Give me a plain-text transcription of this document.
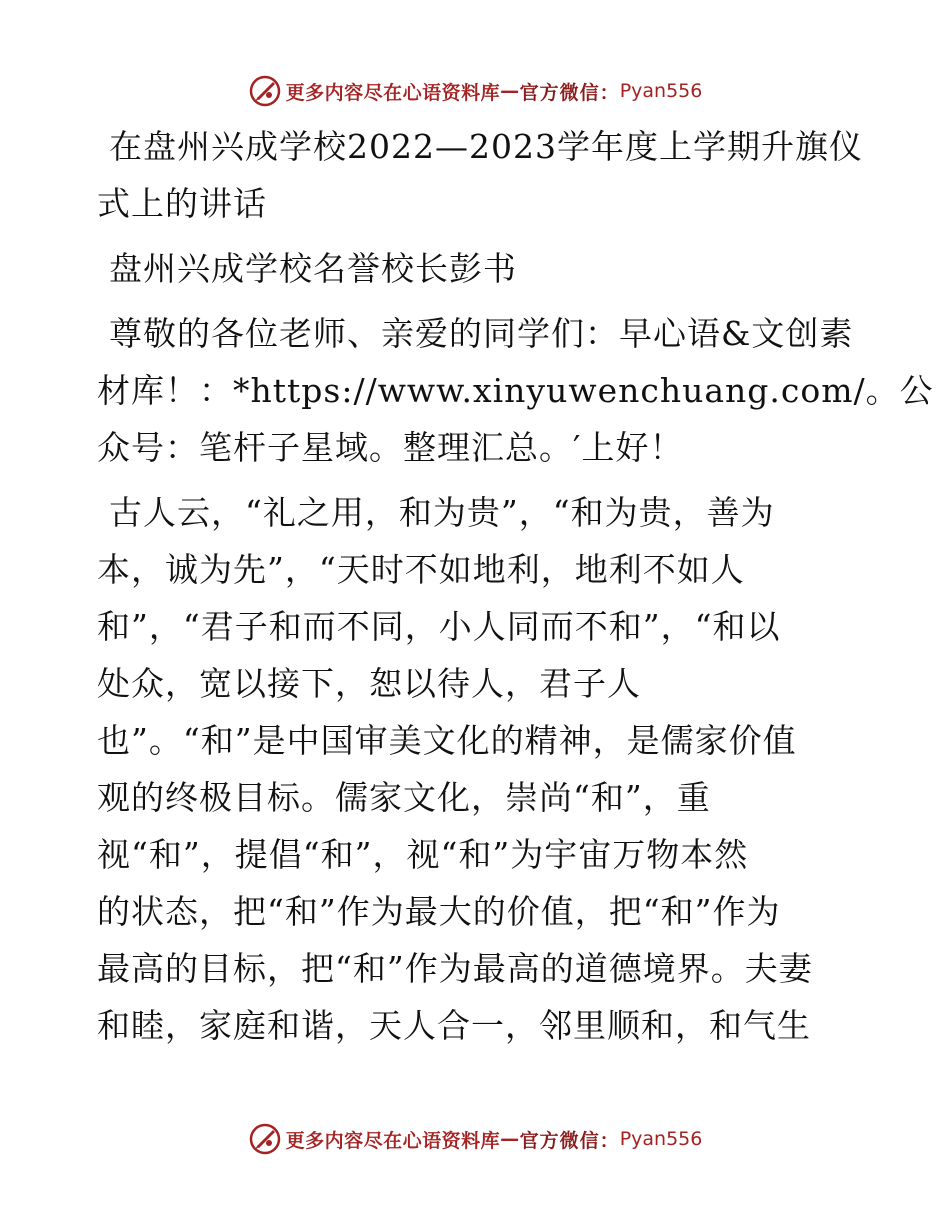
更多内容尽在心语资料库 — 官方微信： Pyan556
在盘州兴成学校2022—2023学年度上学期升旗仪
式上的讲话
盘州兴成学校名誉校长彭书
尊敬的各位老师、亲爱的同学们：早心语&文创素
材库！：*https://www.xinyuwenchuang.com/。公
众号：笔杆子星域。整理汇总。′上好！
古人云，“礼之用，和为贵”，“和为贵，善为
本，诚为先”，“天时不如地利，地利不如人
和”，“君子和而不同，小人同而不和”，“和以
处众，宽以接下，恕以待人，君子人
也”。“和”是中国审美文化的精神，是儒家价值
观的终极目标。儒家文化，崇尚“和”，重
视“和”，提倡“和”，视“和”为宇宙万物本然
的状态，把“和”作为最大的价值，把“和”作为
最高的目标，把“和”作为最高的道德境界。夫妻
和睦，家庭和谐，天人合一，邻里顺和，和气生
更多内容尽在心语资料库 — 官方微信： Pyan556
